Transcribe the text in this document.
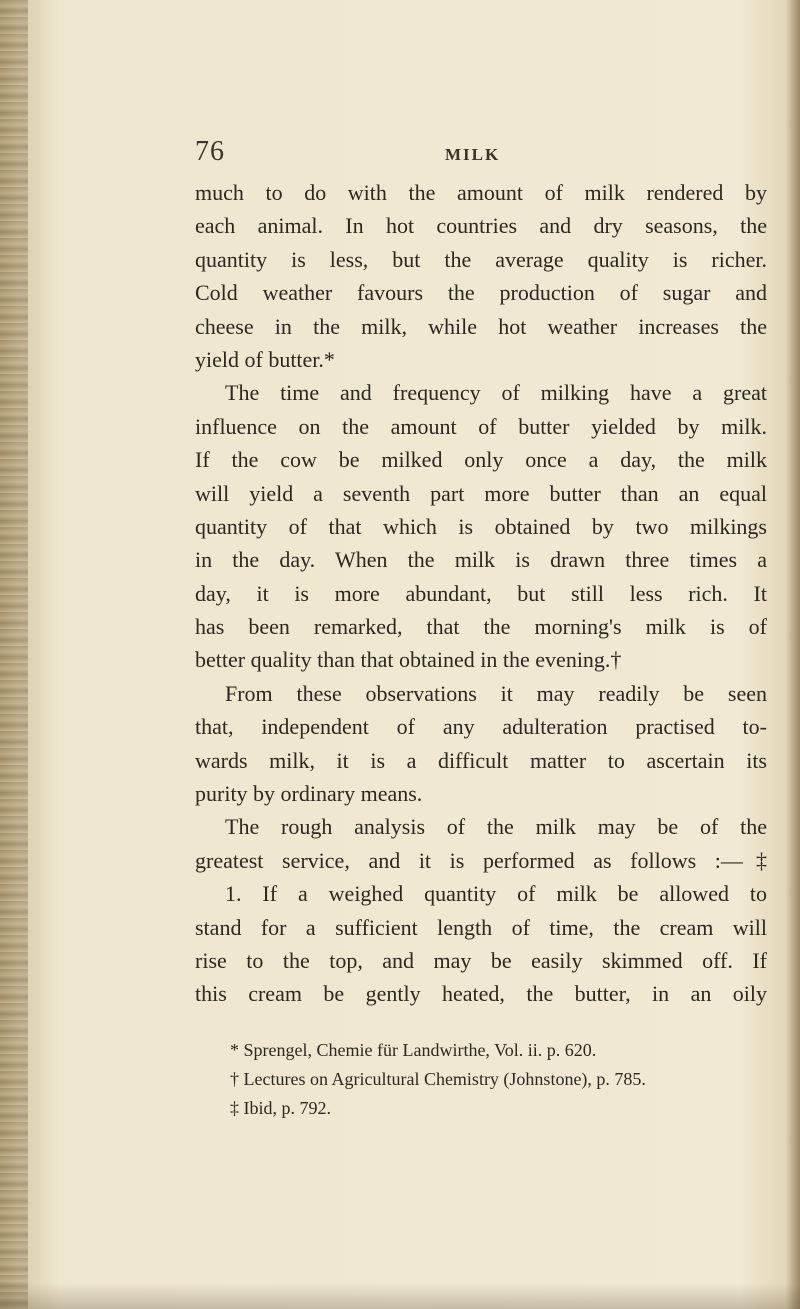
76	MILK
much to do with the amount of milk rendered by
each animal. In hot countries and dry seasons, the
quantity is less, but the average quality is richer.
Cold weather favours the production of sugar and
cheese in the milk, while hot weather increases the
yield of butter.*
The time and frequency of milking have a great
influence on the amount of butter yielded by milk.
If the cow be milked only once a day, the milk
will yield a seventh part more butter than an equal
quantity of that which is obtained by two milkings
in the day. When the milk is drawn three times a
day, it is more abundant, but still less rich. It
has been remarked, that the morning's milk is of
better quality than that obtained in the evening.†
From these observations it may readily be seen
that, independent of any adulteration practised to-
wards milk, it is a difficult matter to ascertain its
purity by ordinary means.
The rough analysis of the milk may be of the
greatest service, and it is performed as follows :—‡
1. If a weighed quantity of milk be allowed to
stand for a sufficient length of time, the cream will
rise to the top, and may be easily skimmed off. If
this cream be gently heated, the butter, in an oily
* Sprengel, Chemie für Landwirthe, Vol. ii. p. 620.
† Lectures on Agricultural Chemistry (Johnstone), p. 785.
‡ Ibid, p. 792.
